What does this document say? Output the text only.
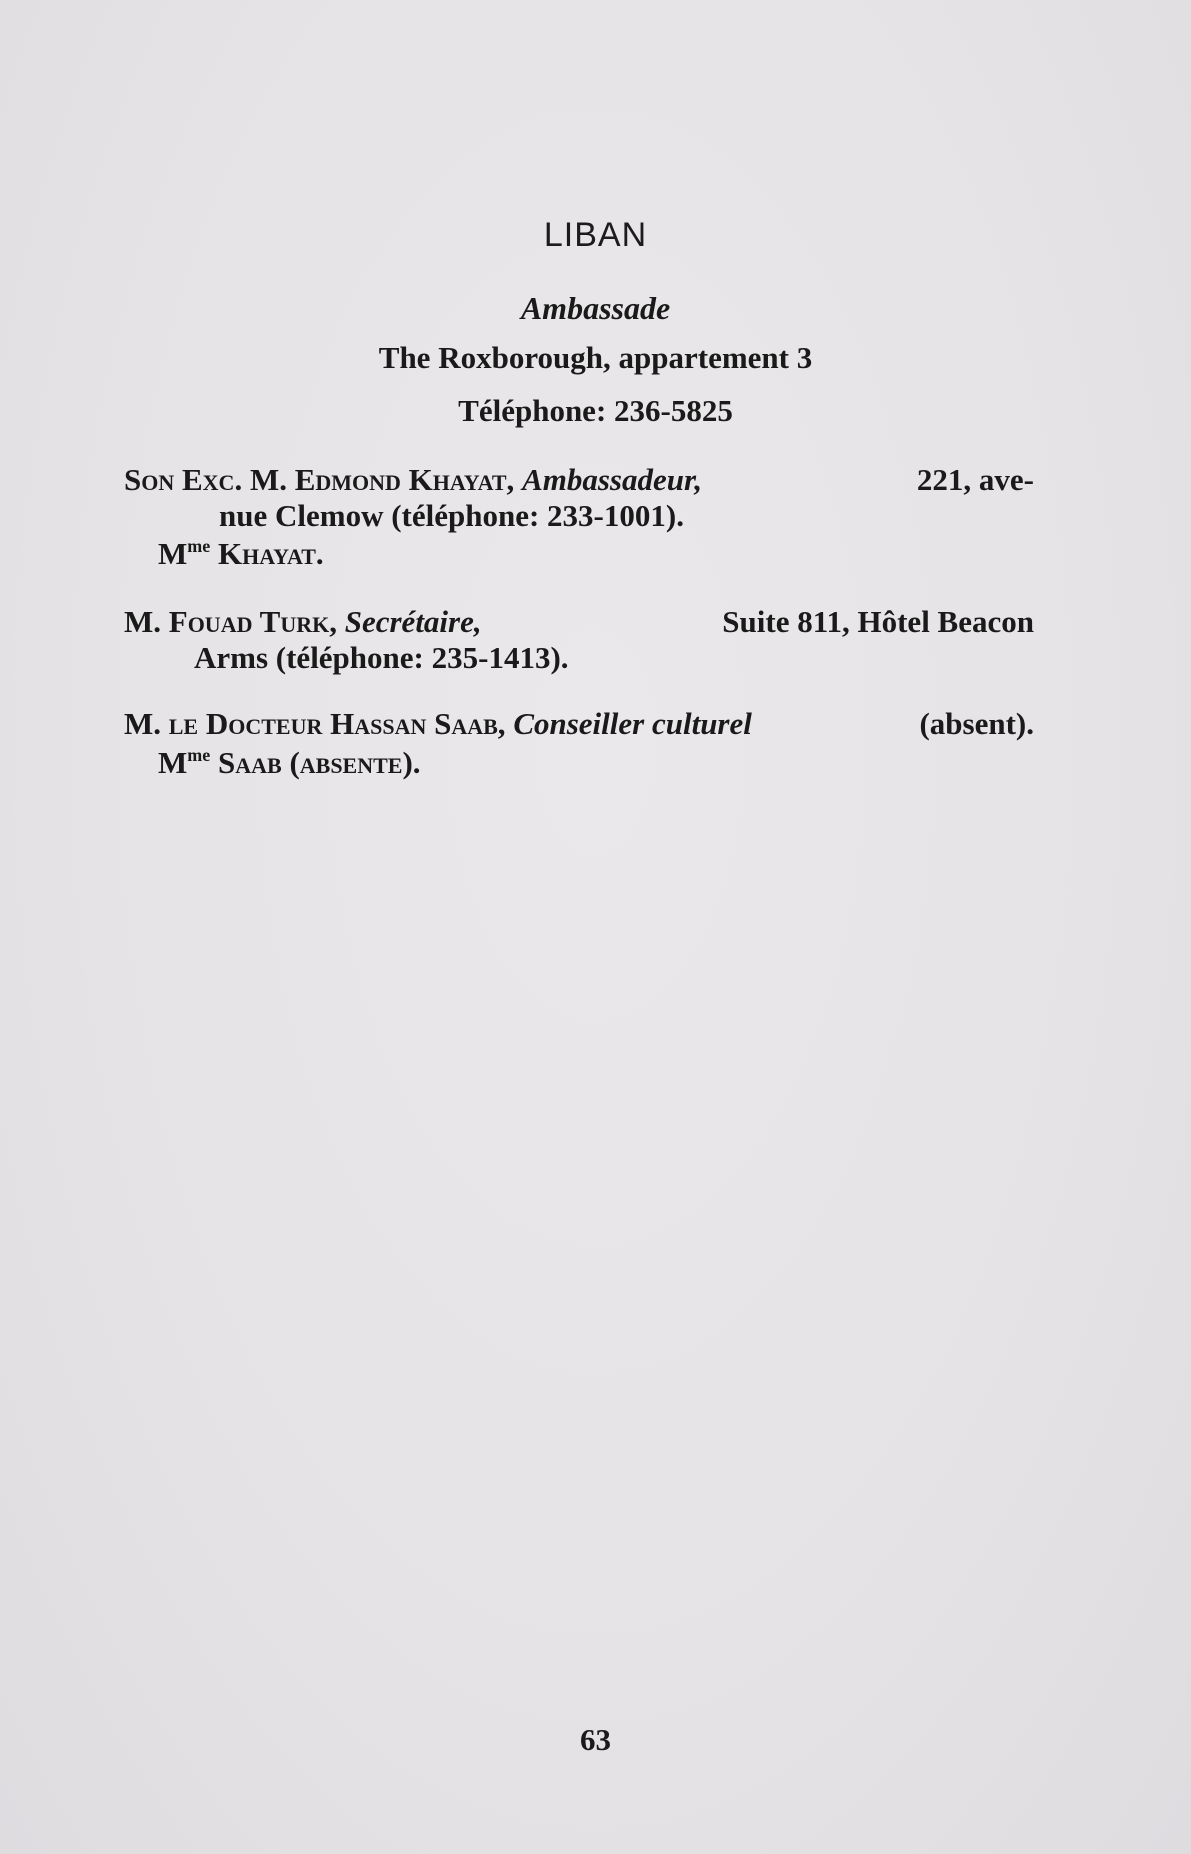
LIBAN
Ambassade
The Roxborough, appartement 3
Téléphone: 236-5825
Son Exc. M. Edmond Khayat, Ambassadeur,	221, ave-
nue Clemow (téléphone: 233-1001).
$M^{me}$ Khayat.
M. Fouad Turk, Secrétaire,	Suite 811, Hôtel Beacon
Arms (téléphone: 235-1413).
M. le Docteur Hassan Saab, Conseiller culturel	(absent).
$M^{me}$ Saab (absente).
63
